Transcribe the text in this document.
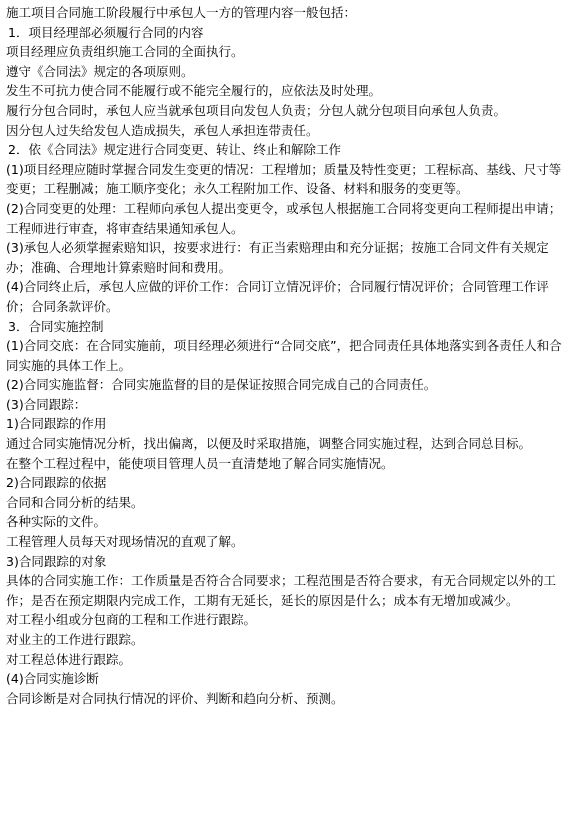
施工项目合同施工阶段履行中承包人一方的管理内容一般包括：
1．项目经理部必须履行合同的内容
项目经理应负责组织施工合同的全面执行。
遵守《合同法》规定的各项原则。
发生不可抗力使合同不能履行或不能完全履行的，应依法及时处理。
履行分包合同时，承包人应当就承包项目向发包人负责；分包人就分包项目向承包人负责。
因分包人过失给发包人造成损失，承包人承担连带责任。
2．依《合同法》规定进行合同变更、转让、终止和解除工作
(1)项目经理应随时掌握合同发生变更的情况：工程增加；质量及特性变更；工程标高、基线、尺寸等变更；工程删减；施工顺序变化；永久工程附加工作、设备、材料和服务的变更等。
(2)合同变更的处理：工程师向承包人提出变更令，或承包人根据施工合同将变更向工程师提出申请；工程师进行审查，将审查结果通知承包人。
(3)承包人必须掌握索赔知识，按要求进行：有正当索赔理由和充分证据；按施工合同文件有关规定办；准确、合理地计算索赔时间和费用。
(4)合同终止后，承包人应做的评价工作：合同订立情况评价；合同履行情况评价；合同管理工作评价；合同条款评价。
3．合同实施控制
(1)合同交底：在合同实施前，项目经理必须进行“合同交底”，把合同责任具体地落实到各责任人和合同实施的具体工作上。
(2)合同实施监督：合同实施监督的目的是保证按照合同完成自己的合同责任。
(3)合同跟踪：
1)合同跟踪的作用
通过合同实施情况分析，找出偏离，以便及时采取措施，调整合同实施过程，达到合同总目标。
在整个工程过程中，能使项目管理人员一直清楚地了解合同实施情况。
2)合同跟踪的依据
合同和合同分析的结果。
各种实际的文件。
工程管理人员每天对现场情况的直观了解。
3)合同跟踪的对象
具体的合同实施工作：工作质量是否符合合同要求；工程范围是否符合要求，有无合同规定以外的工作；是否在预定期限内完成工作，工期有无延长，延长的原因是什么；成本有无增加或减少。
对工程小组或分包商的工程和工作进行跟踪。
对业主的工作进行跟踪。
对工程总体进行跟踪。
(4)合同实施诊断
合同诊断是对合同执行情况的评价、判断和趋向分析、预测。
